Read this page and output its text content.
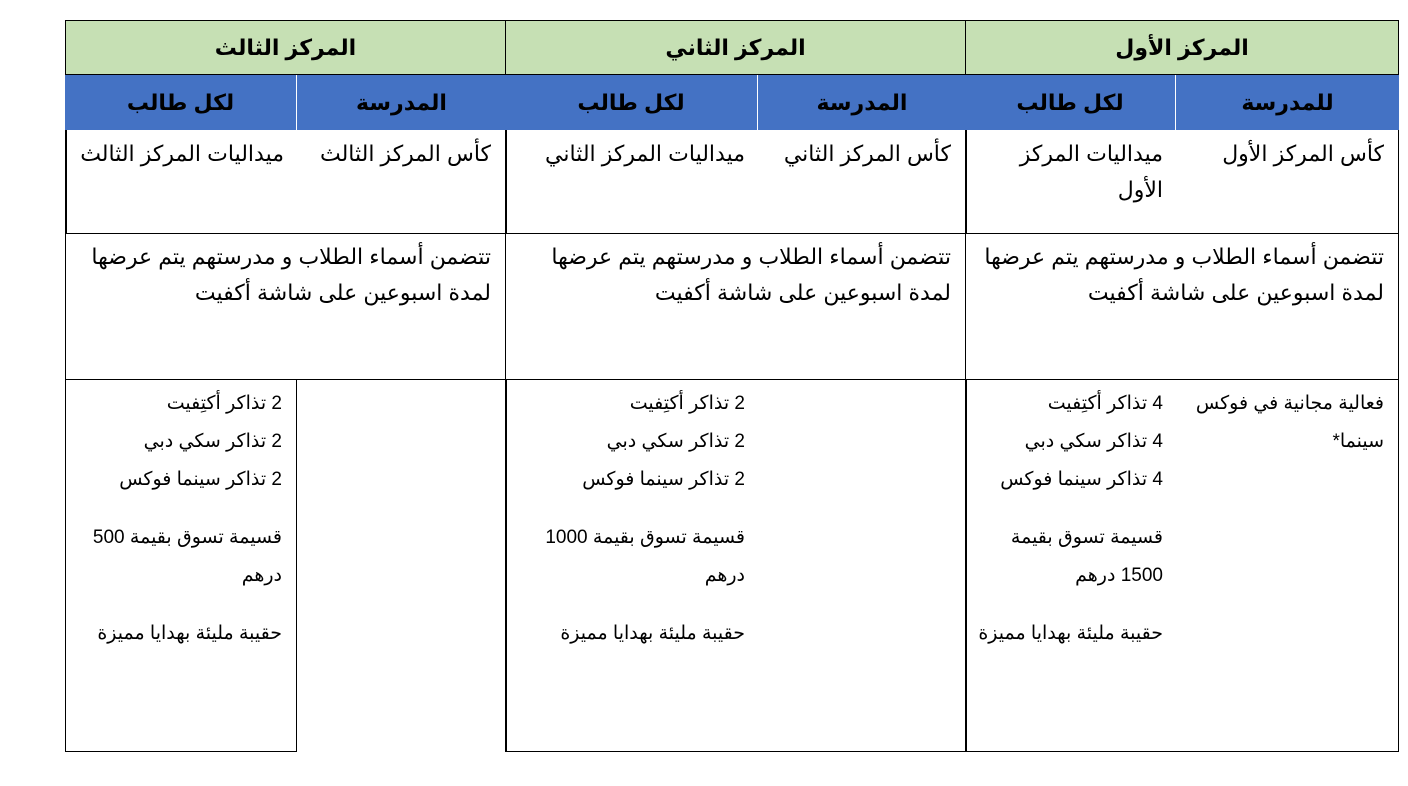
المركز الأول
للمدرسة
لكل طالب
كأس المركز الأول
ميداليات المركز الأول
تتضمن أسماء الطلاب و مدرستهم يتم عرضها لمدة اسبوعين على شاشة أكفيت

فعالية مجانية في فوكس سينما*

4 تذاكر أكتِفيت

4 تذاكر سكي دبي

4 تذاكر سينما فوكس

قسيمة تسوق بقيمة 1500 درهم

حقيبة مليئة بهدايا مميزة

المركز الثاني
المدرسة
لكل طالب
كأس المركز الثاني
ميداليات المركز الثاني
تتضمن أسماء الطلاب و مدرستهم يتم عرضها لمدة اسبوعين على شاشة أكفيت

2 تذاكر أكتِفيت

2 تذاكر سكي دبي

2 تذاكر سينما فوكس

قسيمة تسوق بقيمة 1000 درهم

حقيبة مليئة بهدايا مميزة

المركز الثالث
المدرسة
لكل طالب
كأس المركز الثالث
ميداليات المركز الثالث
تتضمن أسماء الطلاب و مدرستهم يتم عرضها لمدة اسبوعين على شاشة أكفيت

2 تذاكر أكتِفيت

2 تذاكر سكي دبي

2 تذاكر سينما فوكس

قسيمة تسوق بقيمة 500 درهم

حقيبة مليئة بهدايا مميزة
